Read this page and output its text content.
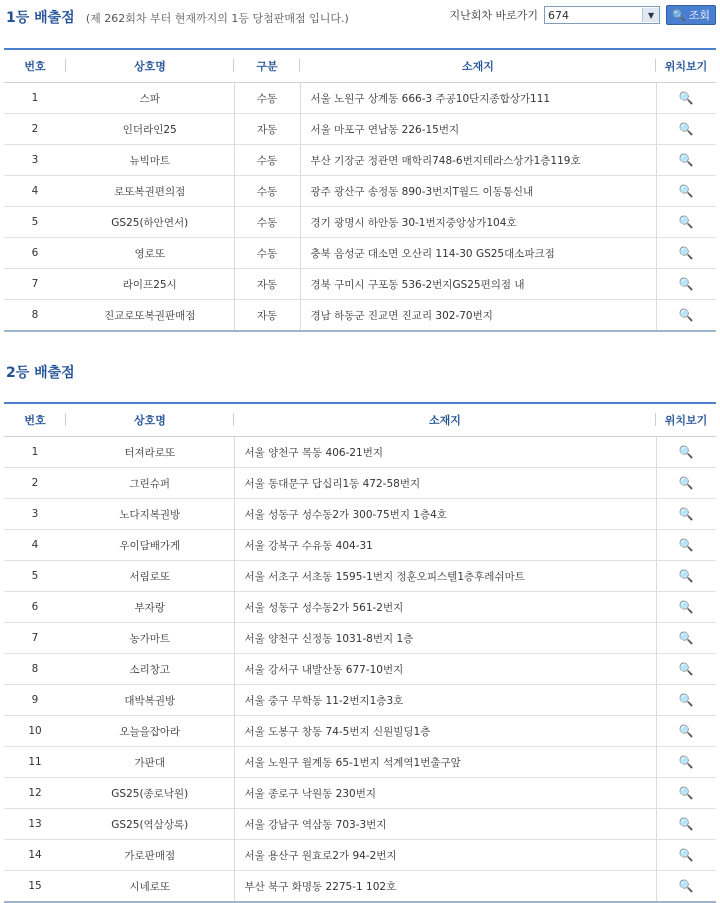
1등 배출점 (제 262회차 부터 현재까지의 1등 당첨판매점 입니다.)	지난회차 바로가기 674	▼	🔍 조회
번호	상호명	구분	소재지	위치보기
1	스파	수동	서울 노원구 상계동 666-3 주공10단지종합상가111	🔍
2	인더라인25	자동	서울 마포구 연남동 226-15번지	🔍
3	뉴빅마트	수동	부산 기장군 정관면 매학리748-6번지테라스상가1층119호	🔍
4	로또복권편의점	수동	광주 광산구 송정동 890-3번지T월드 이동통신내	🔍
5	GS25(하안연서)	수동	경기 광명시 하안동 30-1번지중앙상가104호	🔍
6	영로또	수동	충북 음성군 대소면 오산리 114-30 GS25대소파크점	🔍
7	라이프25시	자동	경북 구미시 구포동 536-2번지GS25편의점 내	🔍
8	진교로또복권판매점	자동	경남 하동군 진교면 진교리 302-70번지	🔍
2등 배출점
번호	상호명	소재지	위치보기
1	터져라로또	서울 양천구 목동 406-21번지	🔍
2	그린슈퍼	서울 동대문구 답십리1동 472-58번지	🔍
3	노다지복권방	서울 성동구 성수동2가 300-75번지 1층4호	🔍
4	우이담배가게	서울 강북구 수유동 404-31	🔍
5	서림로또	서울 서초구 서초동 1595-1번지 정훈오피스텔1층후레쉬마트	🔍
6	부자랑	서울 성동구 성수동2가 561-2번지	🔍
7	농가마트	서울 양천구 신정동 1031-8번지 1층	🔍
8	소리창고	서울 강서구 내발산동 677-10번지	🔍
9	대박복권방	서울 중구 무학동 11-2번지1층3호	🔍
10	오늘을잡아라	서울 도봉구 창동 74-5번지 신원빌딩1층	🔍
11	가판대	서울 노원구 월계동 65-1번지 석계역1번출구앞	🔍
12	GS25(종로낙원)	서울 종로구 낙원동 230번지	🔍
13	GS25(역삼상록)	서울 강남구 역삼동 703-3번지	🔍
14	가로판매점	서울 용산구 원효로2가 94-2번지	🔍
15	시네로또	부산 북구 화명동 2275-1 102호	🔍
